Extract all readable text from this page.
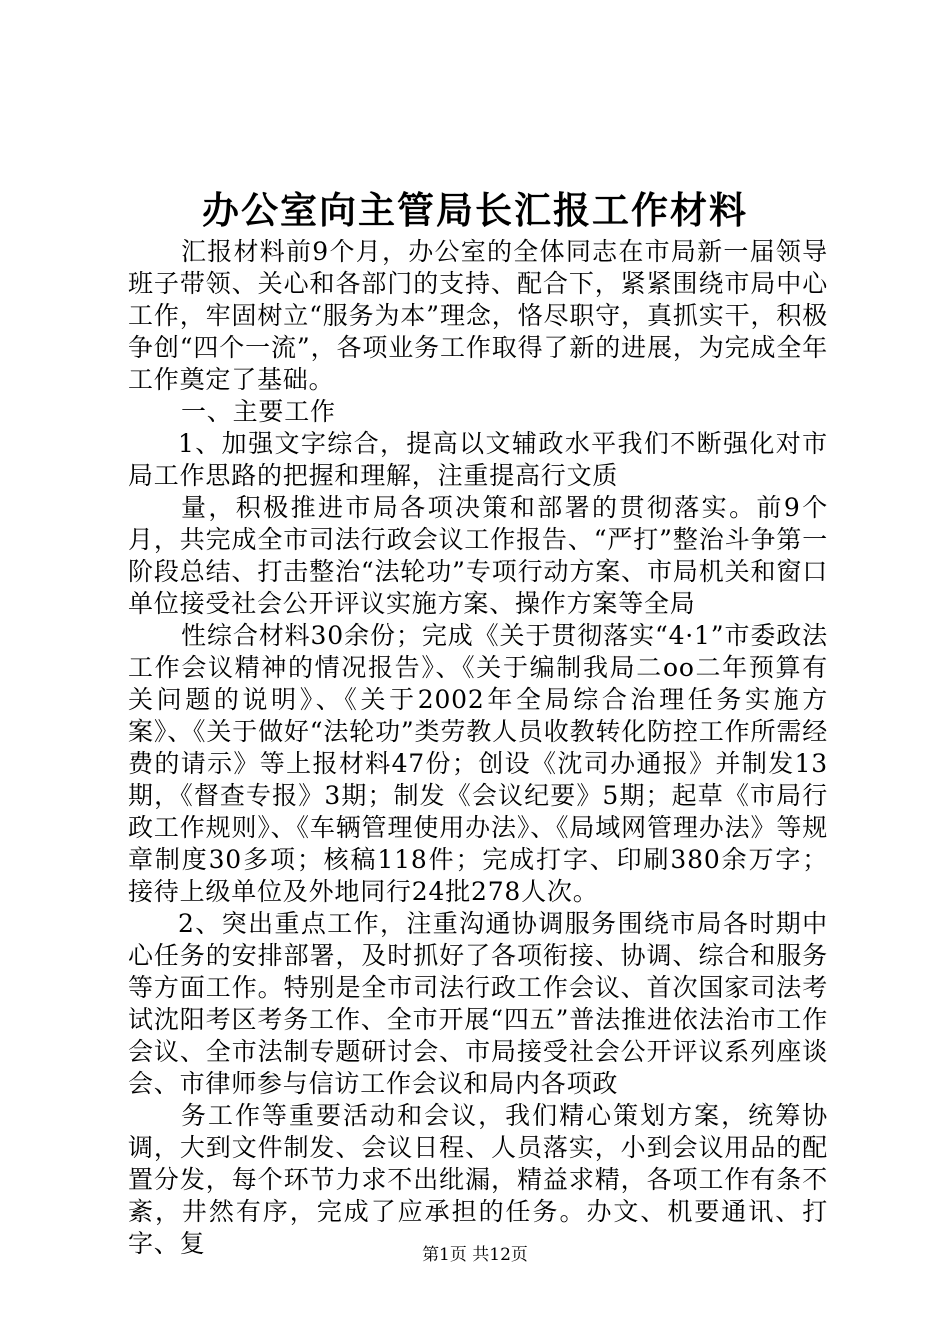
办公室向主管局长汇报工作材料

汇报材料前9个月，办公室的全体同志在市局新一届领导班子带领、关心和各部门的支持、配合下，紧紧围绕市局中心工作，牢固树立“服务为本”理念，恪尽职守，真抓实干，积极争创“四个一流”，各项业务工作取得了新的进展，为完成全年工作奠定了基础。

一、主要工作

1、加强文字综合，提高以文辅政水平我们不断强化对市局工作思路的把握和理解，注重提高行文质

量，积极推进市局各项决策和部署的贯彻落实。前9个月，共完成全市司法行政会议工作报告、“严打”整治斗争第一阶段总结、打击整治“法轮功”专项行动方案、市局机关和窗口单位接受社会公开评议实施方案、操作方案等全局

性综合材料30余份；完成《关于贯彻落实“4·1”市委政法工作会议精神的情况报告》、《关于编制我局二oo二年预算有关问题的说明》、《关于2002年全局综合治理任务实施方案》、《关于做好“法轮功”类劳教人员收教转化防控工作所需经费的请示》等上报材料47份；创设《沈司办通报》并制发13期，《督查专报》3期；制发《会议纪要》5期；起草《市局行政工作规则》、《车辆管理使用办法》、《局域网管理办法》等规章制度30多项；核稿118件；完成打字、印刷380余万字；接待上级单位及外地同行24批278人次。

2、突出重点工作，注重沟通协调服务围绕市局各时期中心任务的安排部署，及时抓好了各项衔接、协调、综合和服务等方面工作。特别是全市司法行政工作会议、首次国家司法考试沈阳考区考务工作、全市开展“四五”普法推进依法治市工作会议、全市法制专题研讨会、市局接受社会公开评议系列座谈会、市律师参与信访工作会议和局内各项政

务工作等重要活动和会议，我们精心策划方案，统筹协调，大到文件制发、会议日程、人员落实，小到会议用品的配置分发，每个环节力求不出纰漏，精益求精，各项工作有条不紊，井然有序，完成了应承担的任务。办文、机要通讯、打字、复	第1页 共12页
